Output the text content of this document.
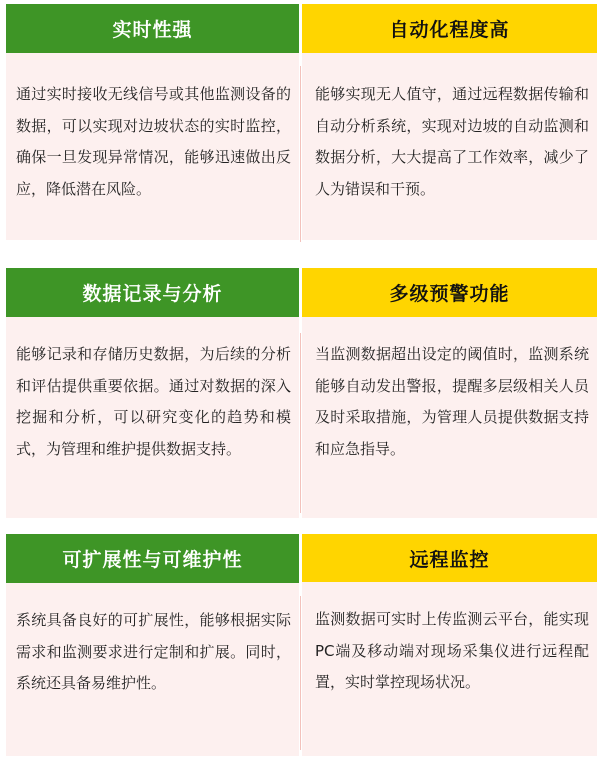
实时性强	自动化程度高
通过实时接收无线信号或其他监测设备的数据，可以实现对边坡状态的实时监控，确保一旦发现异常情况，能够迅速做出反应，降低潜在风险。
能够实现无人值守，通过远程数据传输和自动分析系统，实现对边坡的自动监测和数据分析，大大提高了工作效率，减少了人为错误和干预。
数据记录与分析	多级预警功能
能够记录和存储历史数据，为后续的分析和评估提供重要依据。通过对数据的深入挖掘和分析，可以研究变化的趋势和模式，为管理和维护提供数据支持。
当监测数据超出设定的阈值时，监测系统能够自动发出警报，提醒多层级相关人员及时采取措施，为管理人员提供数据支持和应急指导。
可扩展性与可维护性	远程监控
系统具备良好的可扩展性，能够根据实际需求和监测要求进行定制和扩展。同时，系统还具备易维护性。
监测数据可实时上传监测云平台，能实现PC端及移动端对现场采集仪进行远程配置，实时掌控现场状况。
